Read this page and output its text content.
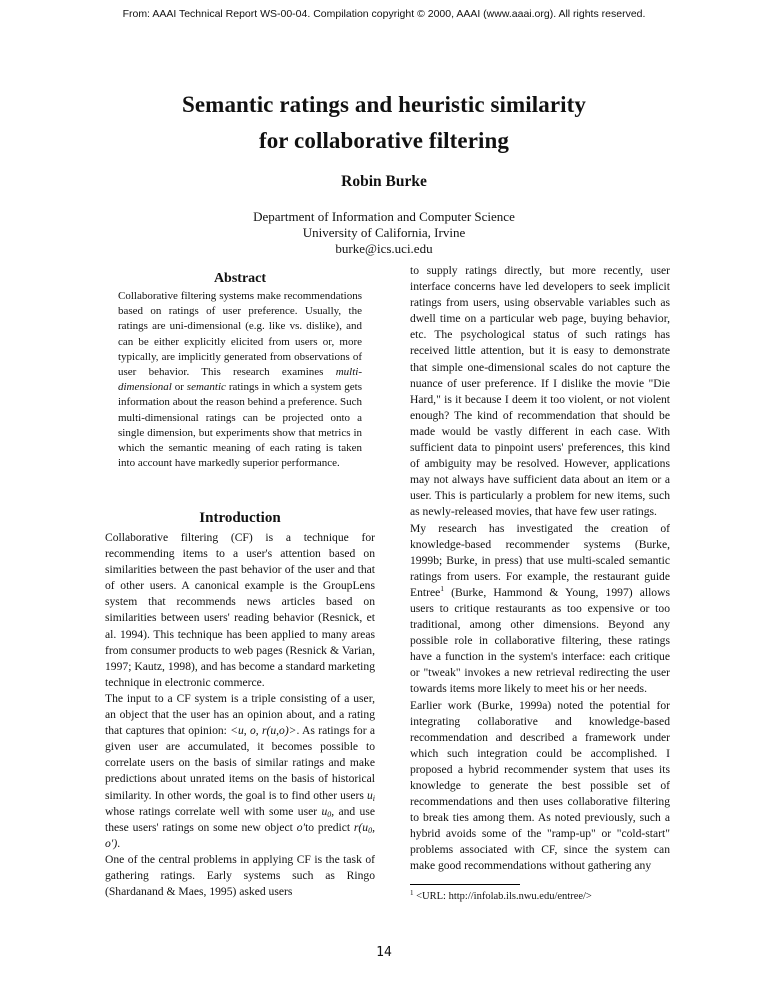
From: AAAI Technical Report WS-00-04. Compilation copyright © 2000, AAAI (www.aaai.org). All rights reserved.
Semantic ratings and heuristic similarity
for collaborative filtering
Robin Burke
Department of Information and Computer Science
University of California, Irvine
burke@ics.uci.edu
Abstract

Collaborative filtering systems make recommendations based on ratings of user preference. Usually, the ratings are uni-dimensional (e.g. like vs. dislike), and can be either explicitly elicited from users or, more typically, are implicitly generated from observations of user behavior. This research examines multi-dimensional or semantic ratings in which a system gets information about the reason behind a preference. Such multi-dimensional ratings can be projected onto a single dimension, but experiments show that metrics in which the semantic meaning of each rating is taken into account have markedly superior performance.

Introduction

Collaborative filtering (CF) is a technique for recommending items to a user's attention based on similarities between the past behavior of the user and that of other users. A canonical example is the GroupLens system that recommends news articles based on similarities between users' reading behavior (Resnick, et al. 1994). This technique has been applied to many areas from consumer products to web pages (Resnick & Varian, 1997; Kautz, 1998), and has become a standard marketing technique in electronic commerce.

The input to a CF system is a triple consisting of a user, an object that the user has an opinion about, and a rating that captures that opinion: <u, o, r(u,o)>. As ratings for a given user are accumulated, it becomes possible to correlate users on the basis of similar ratings and make predictions about unrated items on the basis of historical similarity. In other words, the goal is to find other users $u_i$ whose ratings correlate well with some user $u_0$, and use these users' ratings on some new object o′to predict $r(u_0$, o′).

One of the central problems in applying CF is the task of gathering ratings. Early systems such as Ringo (Shardanand & Maes, 1995) asked users

to supply ratings directly, but more recently, user interface concerns have led developers to seek implicit ratings from users, using observable variables such as dwell time on a particular web page, buying behavior, etc. The psychological status of such ratings has received little attention, but it is easy to demonstrate that simple one-dimensional scales do not capture the nuance of user preference. If I dislike the movie "Die Hard," is it because I deem it too violent, or not violent enough? The kind of recommendation that should be made would be vastly different in each case. With sufficient data to pinpoint users' preferences, this kind of ambiguity may be resolved. However, applications may not always have sufficient data about an item or a user. This is particularly a problem for new items, such as newly-released movies, that have few user ratings.

My research has investigated the creation of knowledge-based recommender systems (Burke, 1999b; Burke, in press) that use multi-scaled semantic ratings from users. For example, the restaurant guide Entree$^1$ (Burke, Hammond & Young, 1997) allows users to critique restaurants as too expensive or too traditional, among other dimensions. Beyond any possible role in collaborative filtering, these ratings have a function in the system's interface: each critique or "tweak" invokes a new retrieval redirecting the user towards items more likely to meet his or her needs.

Earlier work (Burke, 1999a) noted the potential for integrating collaborative and knowledge-based recommendation and described a framework under which such integration could be accomplished. I proposed a hybrid recommender system that uses its knowledge to generate the best possible set of recommendations and then uses collaborative filtering to break ties among them. As noted previously, such a hybrid avoids some of the "ramp-up" or "cold-start" problems associated with CF, since the system can make good recommendations without gathering any

$^1$ <URL: http://infolab.ils.nwu.edu/entree/>
14
